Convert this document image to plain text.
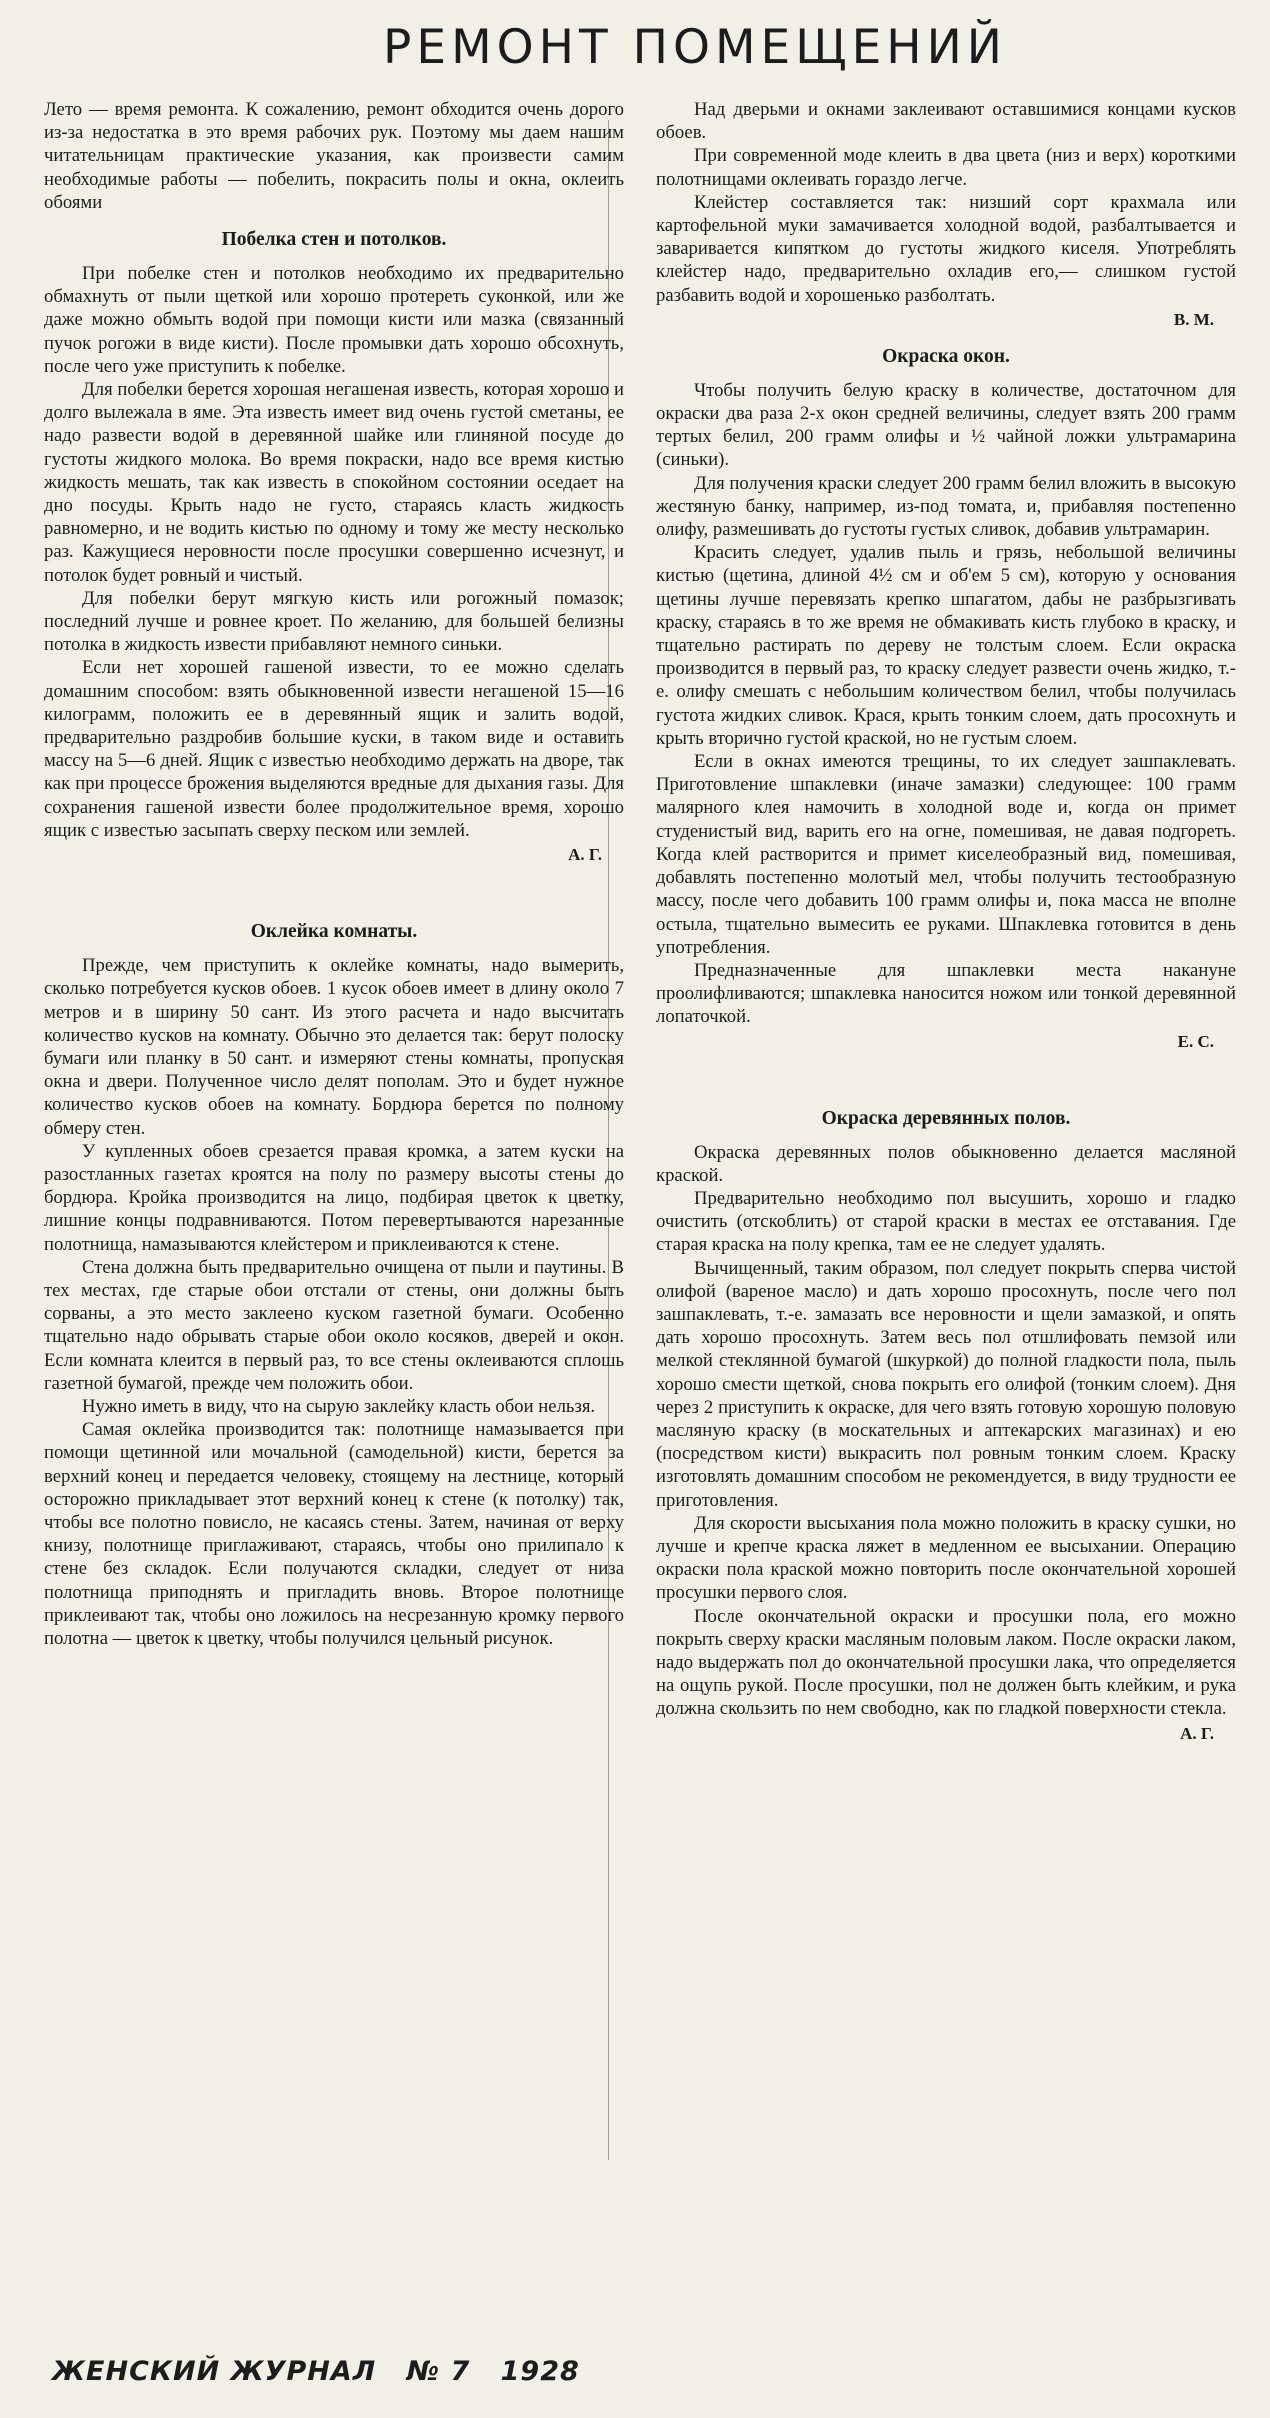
РЕМОНТ ПОМЕЩЕНИЙ

Лето — время ремонта. К сожалению, ремонт обходится очень дорого из-за недостатка в это время рабочих рук. Поэтому мы даем нашим читательницам практические указания, как произвести самим необходимые работы — побелить, покрасить полы и окна, оклеить обоями

Побелка стен и потолков.

При побелке стен и потолков необходимо их предварительно обмахнуть от пыли щеткой или хорошо протереть суконкой, или же даже можно обмыть водой при помощи кисти или мазка (связанный пучок рогожи в виде кисти). После промывки дать хорошо обсохнуть, после чего уже приступить к побелке.

Для побелки берется хорошая негашеная известь, которая хорошо и долго вылежала в яме. Эта известь имеет вид очень густой сметаны, ее надо развести водой в деревянной шайке или глиняной посуде до густоты жидкого молока. Во время покраски, надо все время кистью жидкость мешать, так как известь в спокойном состоянии оседает на дно посуды. Крыть надо не густо, стараясь класть жидкость равномерно, и не водить кистью по одному и тому же месту несколько раз. Кажущиеся неровности после просушки совершенно исчезнут, и потолок будет ровный и чистый.

Для побелки берут мягкую кисть или рогожный помазок; последний лучше и ровнее кроет. По желанию, для большей белизны потолка в жидкость извести прибавляют немного синьки.

Если нет хорошей гашеной извести, то ее можно сделать домашним способом: взять обыкновенной извести негашеной 15—16 килограмм, положить ее в деревянный ящик и залить водой, предварительно раздробив большие куски, в таком виде и оставить массу на 5—6 дней. Ящик с известью необходимо держать на дворе, так как при процессе брожения выделяются вредные для дыхания газы. Для сохранения гашеной извести более продолжительное время, хорошо ящик с известью засыпать сверху песком или землей.

А. Г.
Оклейка комнаты.

Прежде, чем приступить к оклейке комнаты, надо вымерить, сколько потребуется кусков обоев. 1 кусок обоев имеет в длину около 7 метров и в ширину 50 сант. Из этого расчета и надо высчитать количество кусков на комнату. Обычно это делается так: берут полоску бумаги или планку в 50 сант. и измеряют стены комнаты, пропуская окна и двери. Полученное число делят пополам. Это и будет нужное количество кусков обоев на комнату. Бордюра берется по полному обмеру стен.

У купленных обоев срезается правая кромка, а затем куски на разостланных газетах кроятся на полу по размеру высоты стены до бордюра. Кройка производится на лицо, подбирая цветок к цветку, лишние концы подравниваются. Потом перевертываются нарезанные полотнища, намазываются клейстером и приклеиваются к стене.

Стена должна быть предварительно очищена от пыли и паутины. В тех местах, где старые обои отстали от стены, они должны быть сорваны, а это место заклеено куском газетной бумаги. Особенно тщательно надо обрывать старые обои около косяков, дверей и окон. Если комната клеится в первый раз, то все стены оклеиваются сплошь газетной бумагой, прежде чем положить обои.

Нужно иметь в виду, что на сырую заклейку класть обои нельзя.

Самая оклейка производится так: полотнище намазывается при помощи щетинной или мочальной (самодельной) кисти, берется за верхний конец и передается человеку, стоящему на лестнице, который осторожно прикладывает этот верхний конец к стене (к потолку) так, чтобы все полотно повисло, не касаясь стены. Затем, начиная от верху книзу, полотнище приглаживают, стараясь, чтобы оно прилипало к стене без складок. Если получаются складки, следует от низа полотнища приподнять и пригладить вновь. Второе полотнище приклеивают так, чтобы оно ложилось на несрезанную кромку первого полотна — цветок к цветку, чтобы получился цельный рисунок.

Над дверьми и окнами заклеивают оставшимися концами кусков обоев.

При современной моде клеить в два цвета (низ и верх) короткими полотнищами оклеивать гораздо легче.

Клейстер составляется так: низший сорт крахмала или картофельной муки замачивается холодной водой, разбалтывается и заваривается кипятком до густоты жидкого киселя. Употреблять клейстер надо, предварительно охладив его,— слишком густой разбавить водой и хорошенько разболтать.

В. М.
Окраска окон.

Чтобы получить белую краску в количестве, достаточном для окраски два раза 2-х окон средней величины, следует взять 200 грамм тертых белил, 200 грамм олифы и ½ чайной ложки ультрамарина (синьки).

Для получения краски следует 200 грамм белил вложить в высокую жестяную банку, например, из-под томата, и, прибавляя постепенно олифу, размешивать до густоты густых сливок, добавив ультрамарин.

Красить следует, удалив пыль и грязь, небольшой величины кистью (щетина, длиной 4½ см и об'ем 5 см), которую у основания щетины лучше перевязать крепко шпагатом, дабы не разбрызгивать краску, стараясь в то же время не обмакивать кисть глубоко в краску, и тщательно растирать по дереву не толстым слоем. Если окраска производится в первый раз, то краску следует развести очень жидко, т.-е. олифу смешать с небольшим количеством белил, чтобы получилась густота жидких сливок. Крася, крыть тонким слоем, дать просохнуть и крыть вторично густой краской, но не густым слоем.

Если в окнах имеются трещины, то их следует зашпаклевать. Приготовление шпаклевки (иначе замазки) следующее: 100 грамм малярного клея намочить в холодной воде и, когда он примет студенистый вид, варить его на огне, помешивая, не давая подгореть. Когда клей растворится и примет киселеобразный вид, помешивая, добавлять постепенно молотый мел, чтобы получить тестообразную массу, после чего добавить 100 грамм олифы и, пока масса не вполне остыла, тщательно вымесить ее руками. Шпаклевка готовится в день употребления.

Предназначенные для шпаклевки места накануне проолифливаются; шпаклевка наносится ножом или тонкой деревянной лопаточкой.

Е. С.
Окраска деревянных полов.

Окраска деревянных полов обыкновенно делается масляной краской.

Предварительно необходимо пол высушить, хорошо и гладко очистить (отскоблить) от старой краски в местах ее отставания. Где старая краска на полу крепка, там ее не следует удалять.

Вычищенный, таким образом, пол следует покрыть сперва чистой олифой (вареное масло) и дать хорошо просохнуть, после чего пол зашпаклевать, т.-е. замазать все неровности и щели замазкой, и опять дать хорошо просохнуть. Затем весь пол отшлифовать пемзой или мелкой стеклянной бумагой (шкуркой) до полной гладкости пола, пыль хорошо смести щеткой, снова покрыть его олифой (тонким слоем). Дня через 2 приступить к окраске, для чего взять готовую хорошую половую масляную краску (в москательных и аптекарских магазинах) и ею (посредством кисти) выкрасить пол ровным тонким слоем. Краску изготовлять домашним способом не рекомендуется, в виду трудности ее приготовления.

Для скорости высыхания пола можно положить в краску сушки, но лучше и крепче краска ляжет в медленном ее высыхании. Операцию окраски пола краской можно повторить после окончательной хорошей просушки первого слоя.

После окончательной окраски и просушки пола, его можно покрыть сверху краски масляным половым лаком. После окраски лаком, надо выдержать пол до окончательной просушки лака, что определяется на ощупь рукой. После просушки, пол не должен быть клейким, и рука должна скользить по нем свободно, как по гладкой поверхности стекла.

А. Г.
ЖЕНСКИЙ ЖУРНАЛ № 7 1928
